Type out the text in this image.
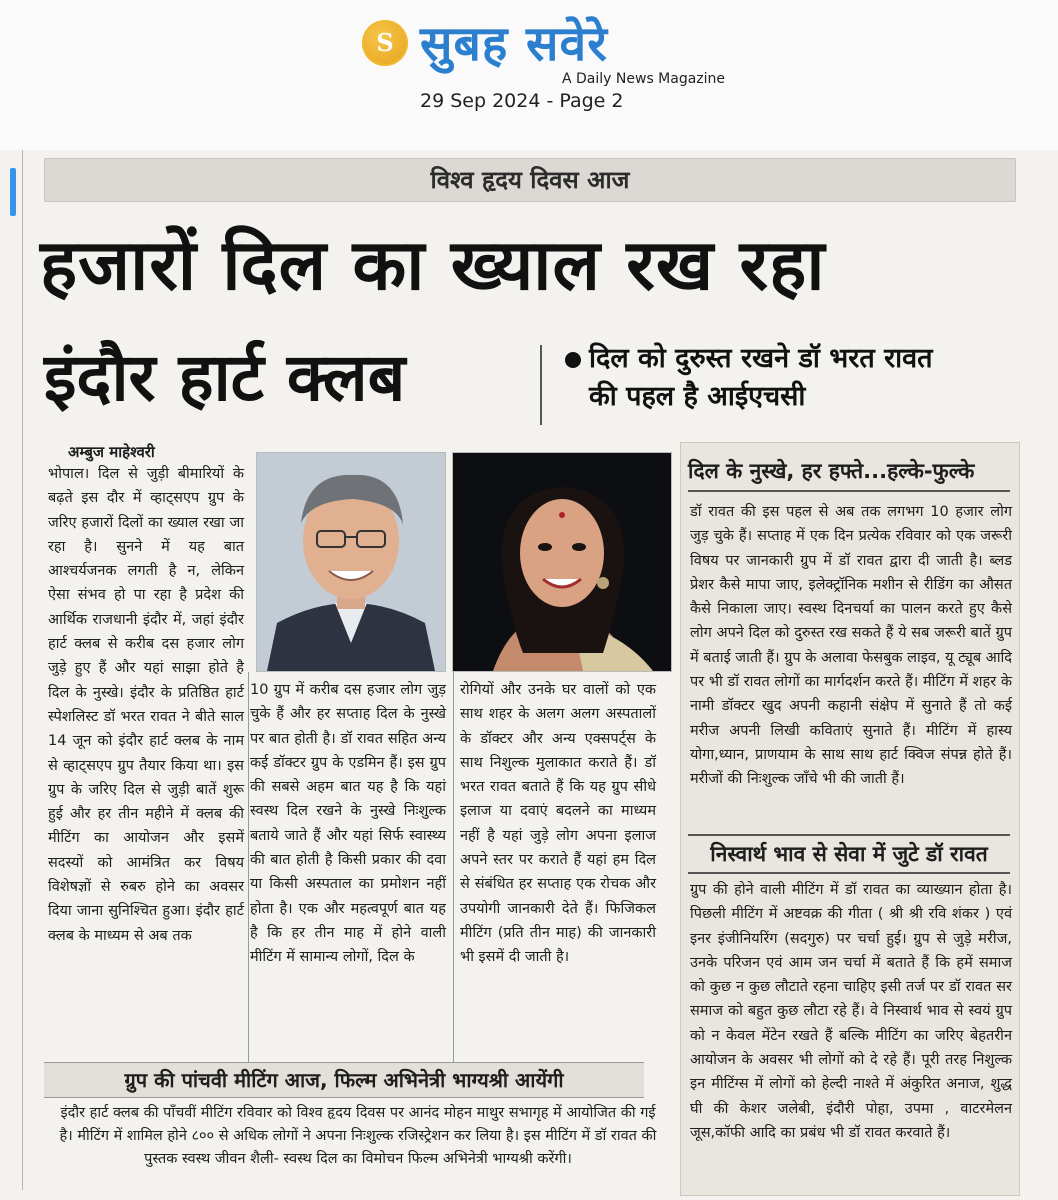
S सुबह सवेरे
A Daily News Magazine
29 Sep 2024 - Page 2
विश्व हृदय दिवस आज
हजारों दिल का ख्याल रख रहा
इंदौर हार्ट क्लब	दिल को दुरुस्त रखने डॉ भरत रावत
की पहल है आईएचसी
अम्बुज माहेश्वरी
भोपाल। दिल से जुड़ी बीमारियों के बढ़ते इस दौर में व्हाट्सएप ग्रुप के जरिए हजारों दिलों का ख्याल रखा जा रहा है। सुनने में यह बात आश्चर्यजनक लगती है न, लेकिन ऐसा संभव हो पा रहा है प्रदेश की आर्थिक राजधानी इंदौर में, जहां इंदौर हार्ट क्लब से करीब दस हजार लोग जुड़े हुए हैं और यहां साझा होते है दिल के नुस्खे। इंदौर के प्रतिष्ठित हार्ट स्पेशलिस्ट डॉ भरत रावत ने बीते साल 14 जून को इंदौर हार्ट क्लब के नाम से व्हाट्सएप ग्रुप तैयार किया था। इस ग्रुप के जरिए दिल से जुड़ी बातें शुरू हुई और हर तीन महीने में क्लब की मीटिंग का आयोजन और इसमें सदस्यों को आमंत्रित कर विषय विशेषज्ञों से रुबरु होने का अवसर दिया जाना सुनिश्चित हुआ। इंदौर हार्ट क्लब के माध्यम से अब तक
10 ग्रुप में करीब दस हजार लोग जुड़ चुके हैं और हर सप्ताह दिल के नुस्खे पर बात होती है। डॉ रावत सहित अन्य कई डॉक्टर ग्रुप के एडमिन हैं। इस ग्रुप की सबसे अहम बात यह है कि यहां स्वस्थ दिल रखने के नुस्खे निःशुल्क बताये जाते हैं और यहां सिर्फ स्वास्थ्य की बात होती है किसी प्रकार की दवा या किसी अस्पताल का प्रमोशन नहीं होता है। एक और महत्वपूर्ण बात यह है कि हर तीन माह में होने वाली मीटिंग में सामान्य लोगों, दिल के
रोगियों और उनके घर वालों को एक साथ शहर के अलग अलग अस्पतालों के डॉक्टर और अन्य एक्सपर्ट्स के साथ निशुल्क मुलाकात कराते हैं। डॉ भरत रावत बताते हैं कि यह ग्रुप सीधे इलाज या दवाएं बदलने का माध्यम नहीं है यहां जुड़े लोग अपना इलाज अपने स्तर पर कराते हैं यहां हम दिल से संबंधित हर सप्ताह एक रोचक और उपयोगी जानकारी देते हैं। फिजिकल मीटिंग (प्रति तीन माह) की जानकारी भी इसमें दी जाती है।
दिल के नुस्खे, हर हफ्ते...हल्के-फुल्के
डॉ रावत की इस पहल से अब तक लगभग 10 हजार लोग जुड़ चुके हैं। सप्ताह में एक दिन प्रत्येक रविवार को एक जरूरी विषय पर जानकारी ग्रुप में डॉ रावत द्वारा दी जाती है। ब्लड प्रेशर कैसे मापा जाए, इलेक्ट्रॉनिक मशीन से रीडिंग का औसत कैसे निकाला जाए। स्वस्थ दिनचर्या का पालन करते हुए कैसे लोग अपने दिल को दुरुस्त रख सकते हैं ये सब जरूरी बातें ग्रुप में बताई जाती हैं। ग्रुप के अलावा फेसबुक लाइव, यू ट्यूब आदि पर भी डॉ रावत लोगों का मार्गदर्शन करते हैं। मीटिंग में शहर के नामी डॉक्टर खुद अपनी कहानी संक्षेप में सुनाते हैं तो कई मरीज अपनी लिखी कविताएं सुनाते हैं। मीटिंग में हास्य योगा,ध्यान, प्राणयाम के साथ साथ हार्ट क्विज संपन्न होते हैं। मरीजों की निःशुल्क जाँचे भी की जाती हैं।
निस्वार्थ भाव से सेवा में जुटे डॉ रावत
ग्रुप की होने वाली मीटिंग में डॉ रावत का व्याख्यान होता है। पिछली मीटिंग में अष्टवक्र की गीता ( श्री श्री रवि शंकर ) एवं इनर इंजीनियरिंग (सदगुरु) पर चर्चा हुई। ग्रुप से जुड़े मरीज, उनके परिजन एवं आम जन चर्चा में बताते हैं कि हमें समाज को कुछ न कुछ लौटाते रहना चाहिए इसी तर्ज पर डॉ रावत सर समाज को बहुत कुछ लौटा रहे हैं। वे निस्वार्थ भाव से स्वयं ग्रुप को न केवल मेंटेन रखते हैं बल्कि मीटिंग का जरिए बेहतरीन आयोजन के अवसर भी लोगों को दे रहे हैं। पूरी तरह निशुल्क इन मीटिंग्स में लोगों को हेल्दी नाश्ते में अंकुरित अनाज, शुद्ध घी की केशर जलेबी, इंदौरी पोहा, उपमा , वाटरमेलन जूस,कॉफी आदि का प्रबंध भी डॉ रावत करवाते हैं।
ग्रुप की पांचवी मीटिंग आज, फिल्म अभिनेत्री भाग्यश्री आयेंगी
इंदौर हार्ट क्लब की पाँचवीं मीटिंग रविवार को विश्व हृदय दिवस पर आनंद मोहन माथुर सभागृह में आयोजित की गई है। मीटिंग में शामिल होने ८०० से अधिक लोगों ने अपना निःशुल्क रजिस्ट्रेशन कर लिया है। इस मीटिंग में डॉ रावत की पुस्तक स्वस्थ जीवन शैली- स्वस्थ दिल का विमोचन फिल्म अभिनेत्री भाग्यश्री करेंगी।
